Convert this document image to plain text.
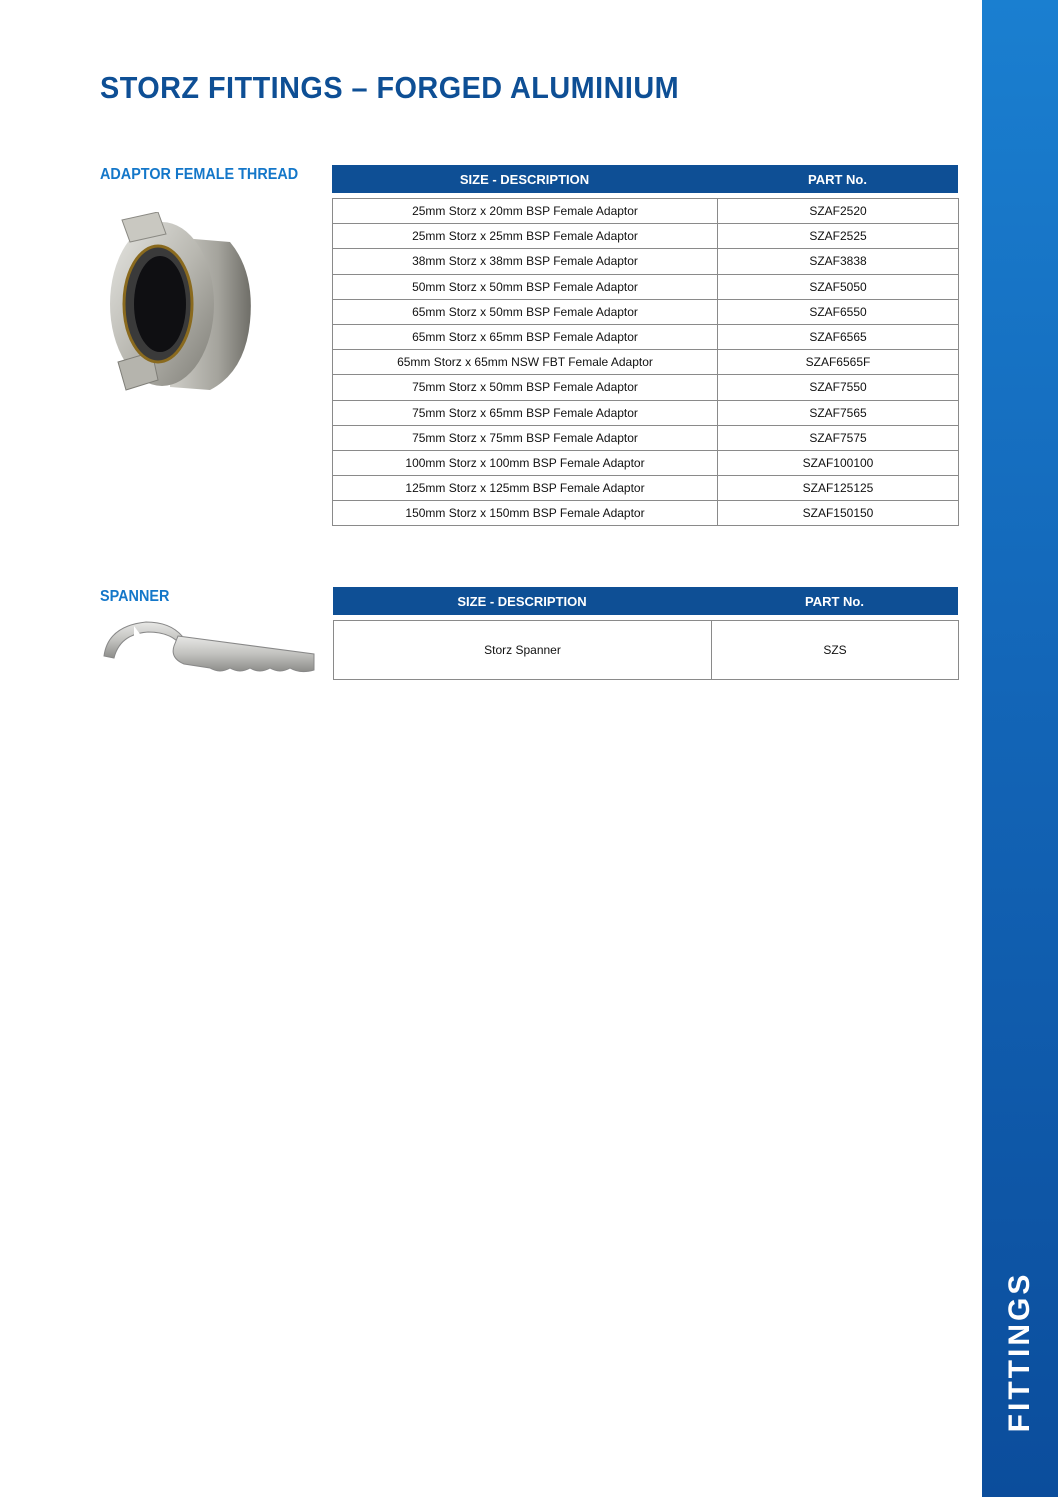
FITTINGS
STORZ FITTINGS – FORGED ALUMINIUM
ADAPTOR FEMALE THREAD	SIZE - DESCRIPTION	PART No.
25mm Storz x 20mm BSP Female Adaptor	SZAF2520
25mm Storz x 25mm BSP Female Adaptor	SZAF2525
38mm Storz x 38mm BSP Female Adaptor	SZAF3838
50mm Storz x 50mm BSP Female Adaptor	SZAF5050
65mm Storz x 50mm BSP Female Adaptor	SZAF6550
65mm Storz x 65mm BSP Female Adaptor	SZAF6565
65mm Storz x 65mm NSW FBT Female Adaptor	SZAF6565F
75mm Storz x 50mm BSP Female Adaptor	SZAF7550
75mm Storz x 65mm BSP Female Adaptor	SZAF7565
75mm Storz x 75mm BSP Female Adaptor	SZAF7575
100mm Storz x 100mm BSP Female Adaptor	SZAF100100
125mm Storz x 125mm BSP Female Adaptor	SZAF125125
150mm Storz x 150mm BSP Female Adaptor	SZAF150150
SPANNER	SIZE - DESCRIPTION	PART No.
Storz Spanner	SZS
